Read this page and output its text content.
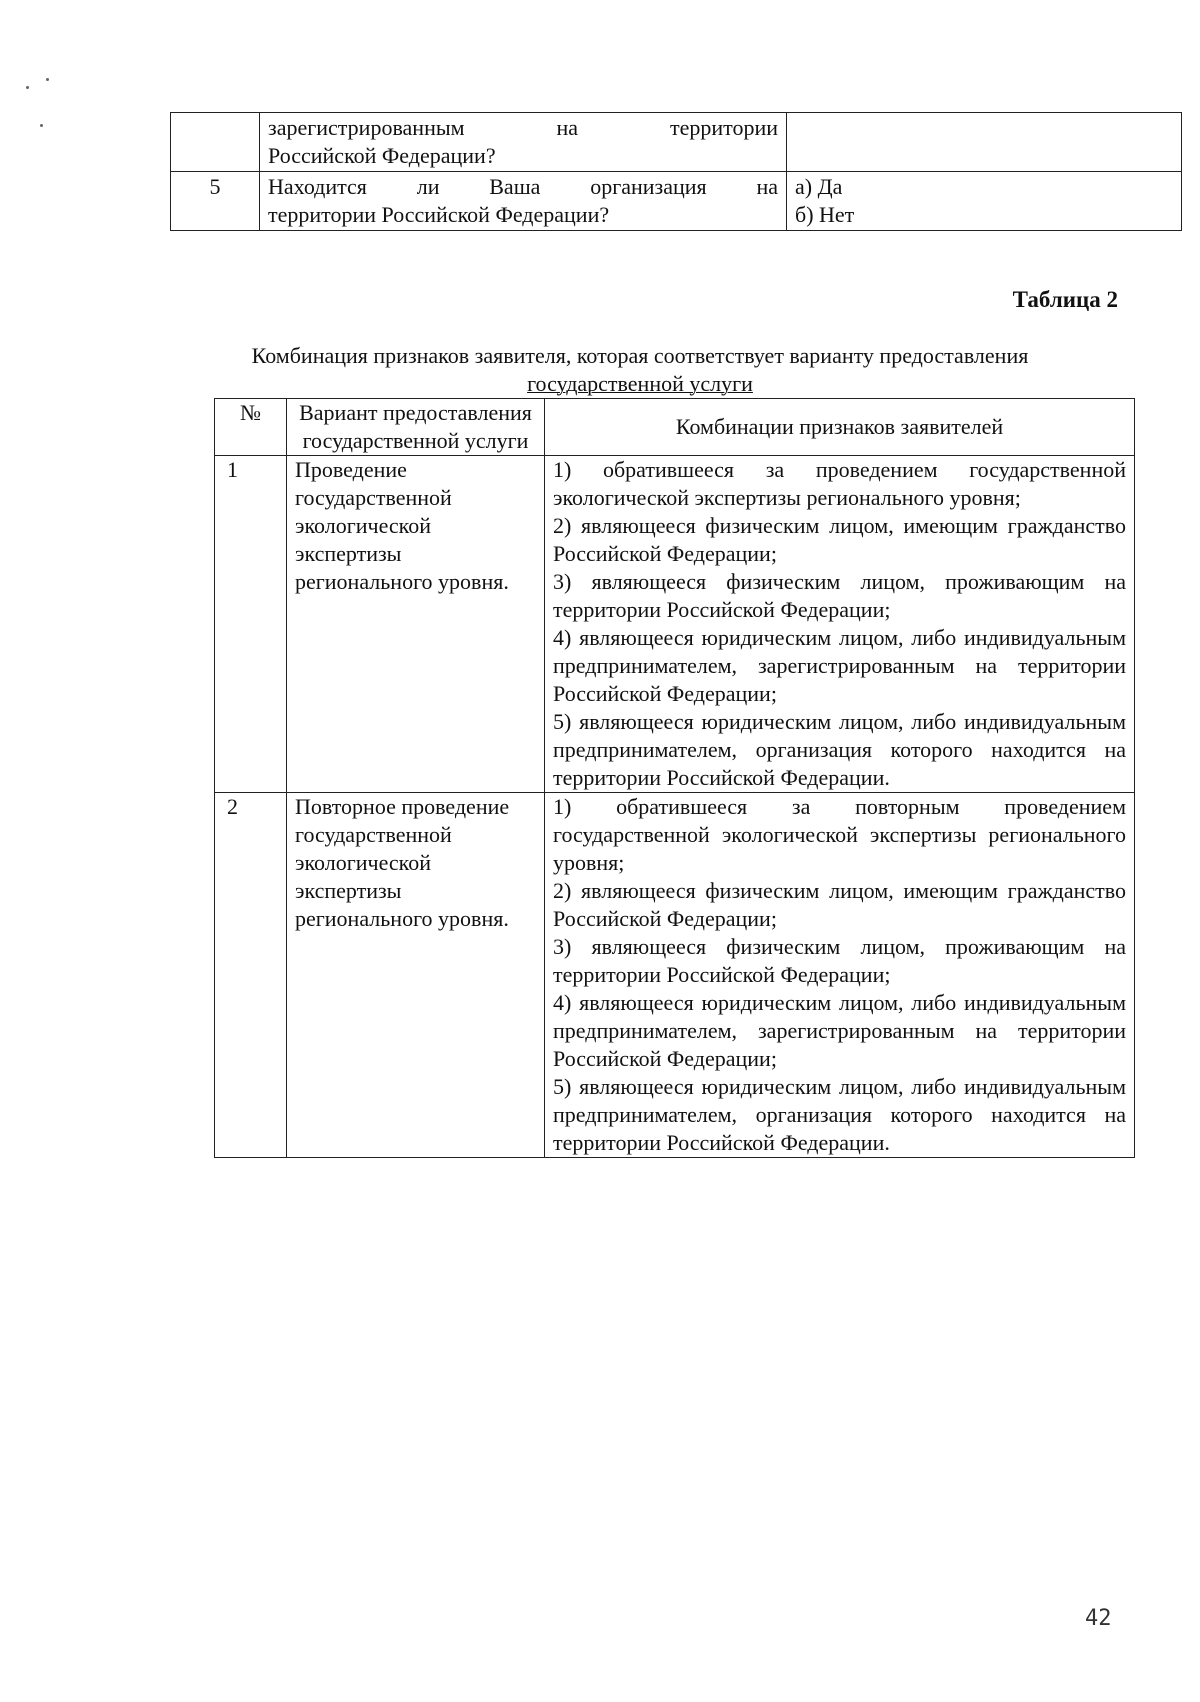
	зарегистрированным на территории
Российской Федерации?	

5	Находится ли Ваша организация на
территории Российской Федерации?	а) Да
б) Нет
Таблица 2
Комбинация признаков заявителя, которая соответствует варианту предоставления
государственной услуги
№	Вариант предоставления государственной услуги	Комбинации признаков заявителей
1	Проведение государственной экологической экспертизы регионального уровня.	1) обратившееся за проведением государственной экологической экспертизы регионального уровня;
2) являющееся физическим лицом, имеющим гражданство Российской Федерации;
3) являющееся физическим лицом, проживающим на территории Российской Федерации;
4) являющееся юридическим лицом, либо индивидуальным предпринимателем, зарегистрированным на территории Российской Федерации;
5) являющееся юридическим лицом, либо индивидуальным предпринимателем, организация которого находится на территории Российской Федерации.

2	Повторное проведение государственной экологической экспертизы регионального уровня.	1) обратившееся за повторным проведением государственной экологической экспертизы регионального уровня;
2) являющееся физическим лицом, имеющим гражданство Российской Федерации;
3) являющееся физическим лицом, проживающим на территории Российской Федерации;
4) являющееся юридическим лицом, либо индивидуальным предпринимателем, зарегистрированным на территории Российской Федерации;
5) являющееся юридическим лицом, либо индивидуальным предпринимателем, организация которого находится на территории Российской Федерации.
42
